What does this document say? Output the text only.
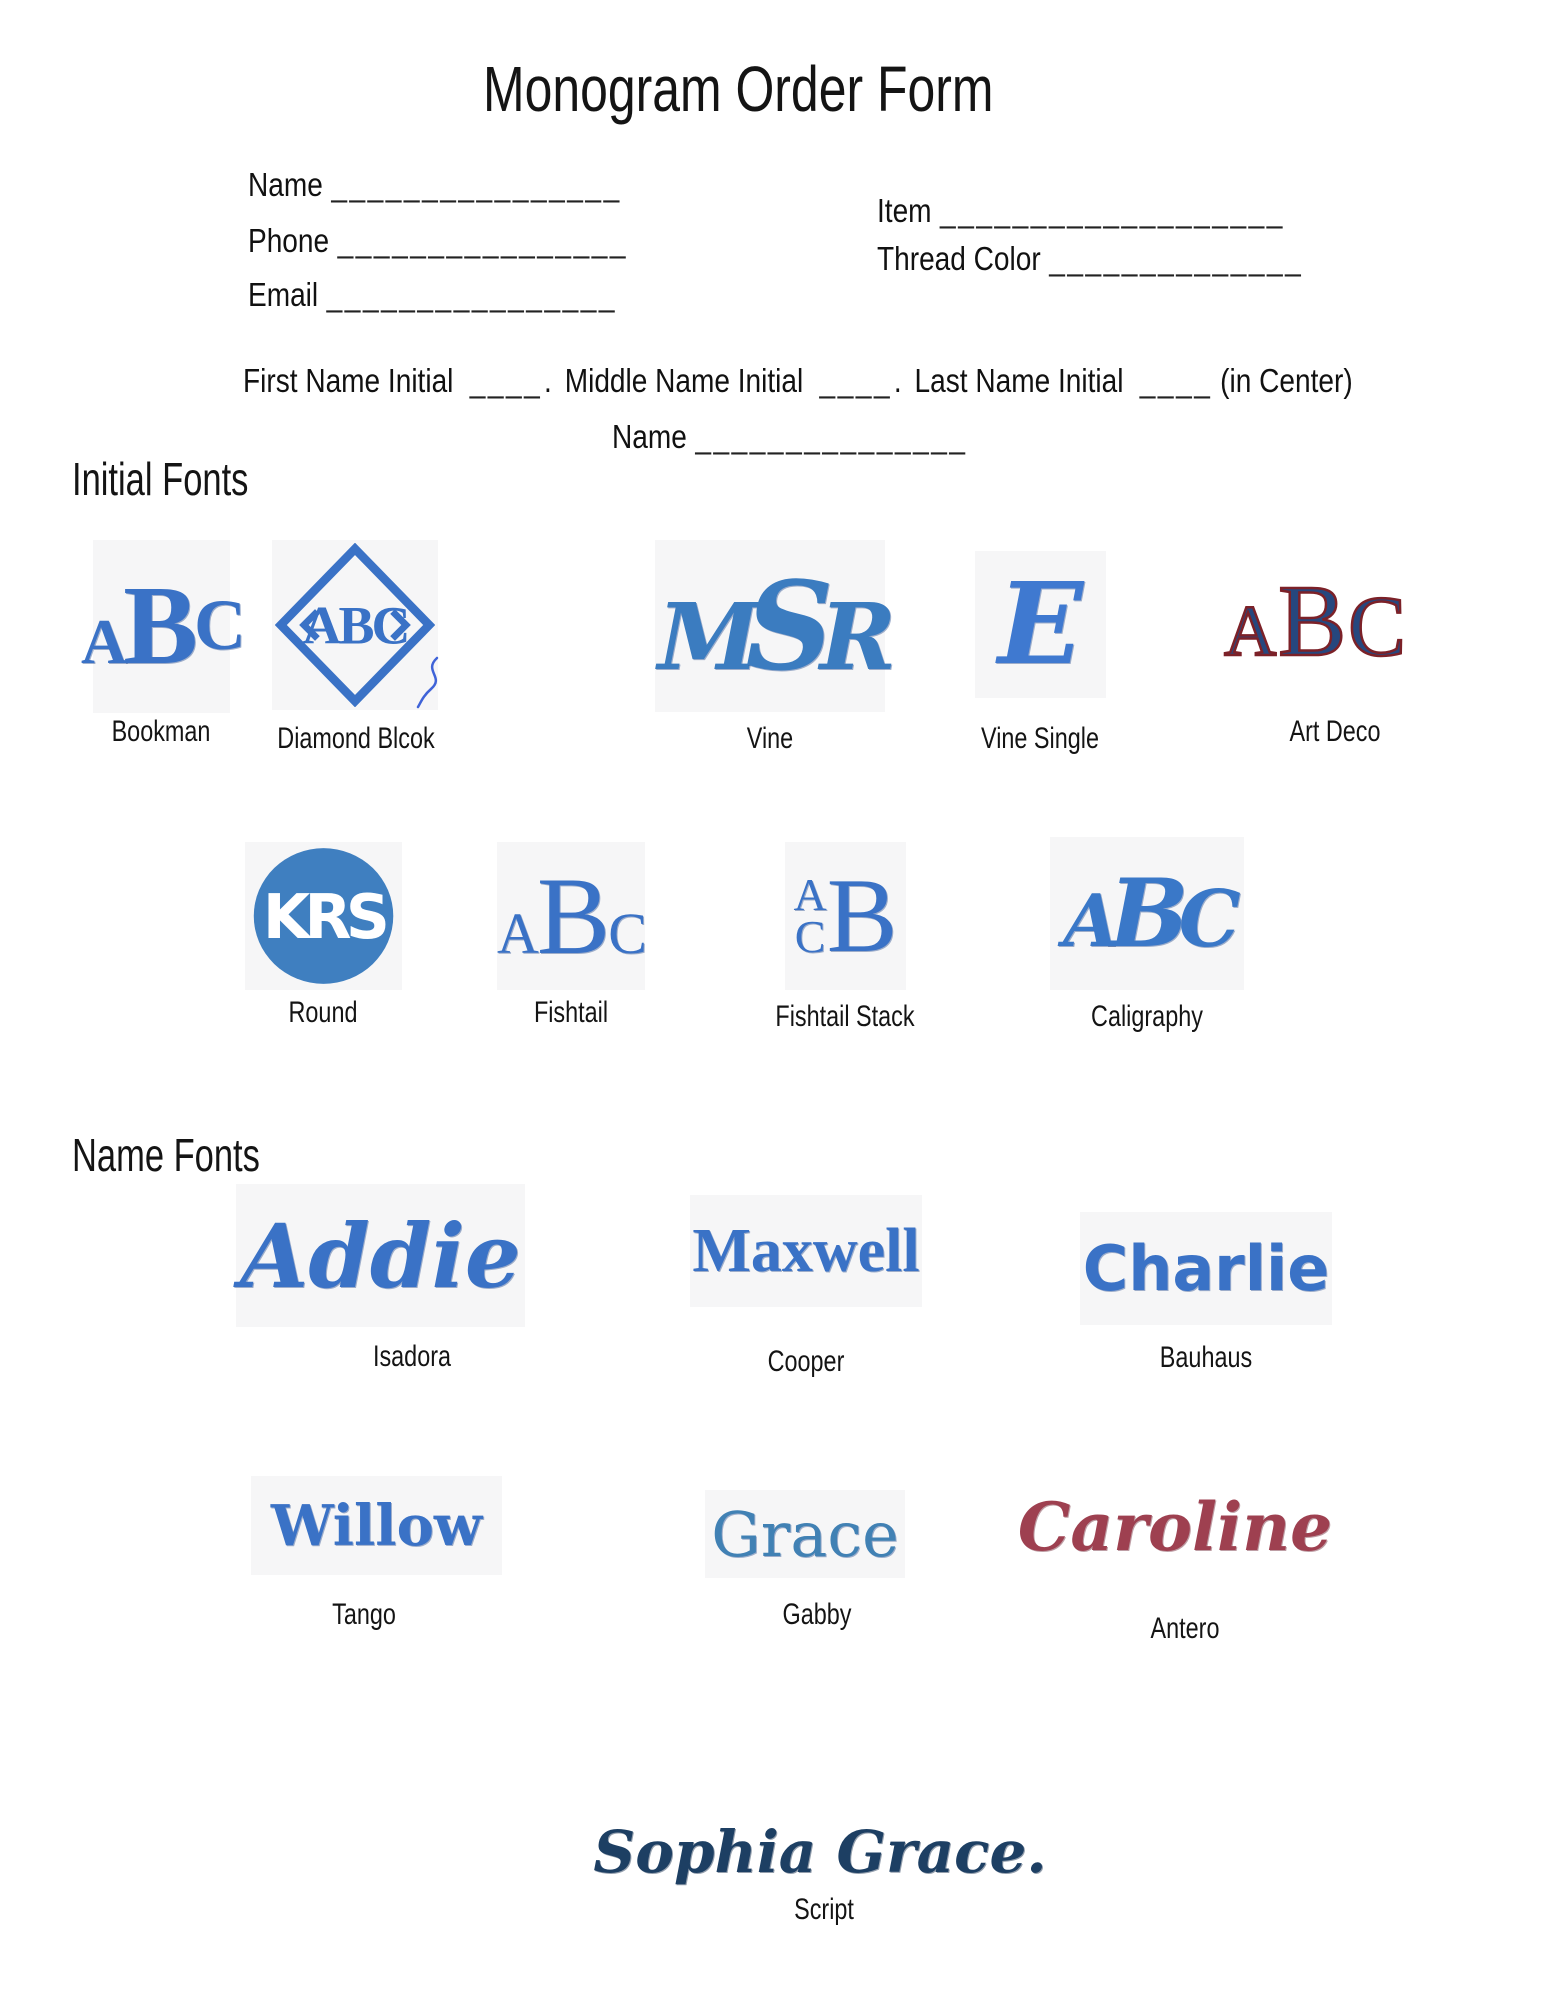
Monogram Order Form
Name ________________
Phone ________________
Email ________________
Item ___________________
Thread Color ______________
First Name Initial ____. Middle Name Initial ____. Last Name Initial ____ (in Center)
Name _______________
Initial Fonts
ABC
Bookman
ABC
Diamond Blcok
MSR
Vine
E
Vine Single
ABC
Art Deco
KRS
Round
ABC
Fishtail
A
C B
Fishtail Stack
ABC
Caligraphy
Name Fonts
Addie
Isadora
Maxwell
Cooper
Charlie
Bauhaus
Willow
Tango
Grace
Gabby
Caroline
Antero
Sophia Grace.
Script
